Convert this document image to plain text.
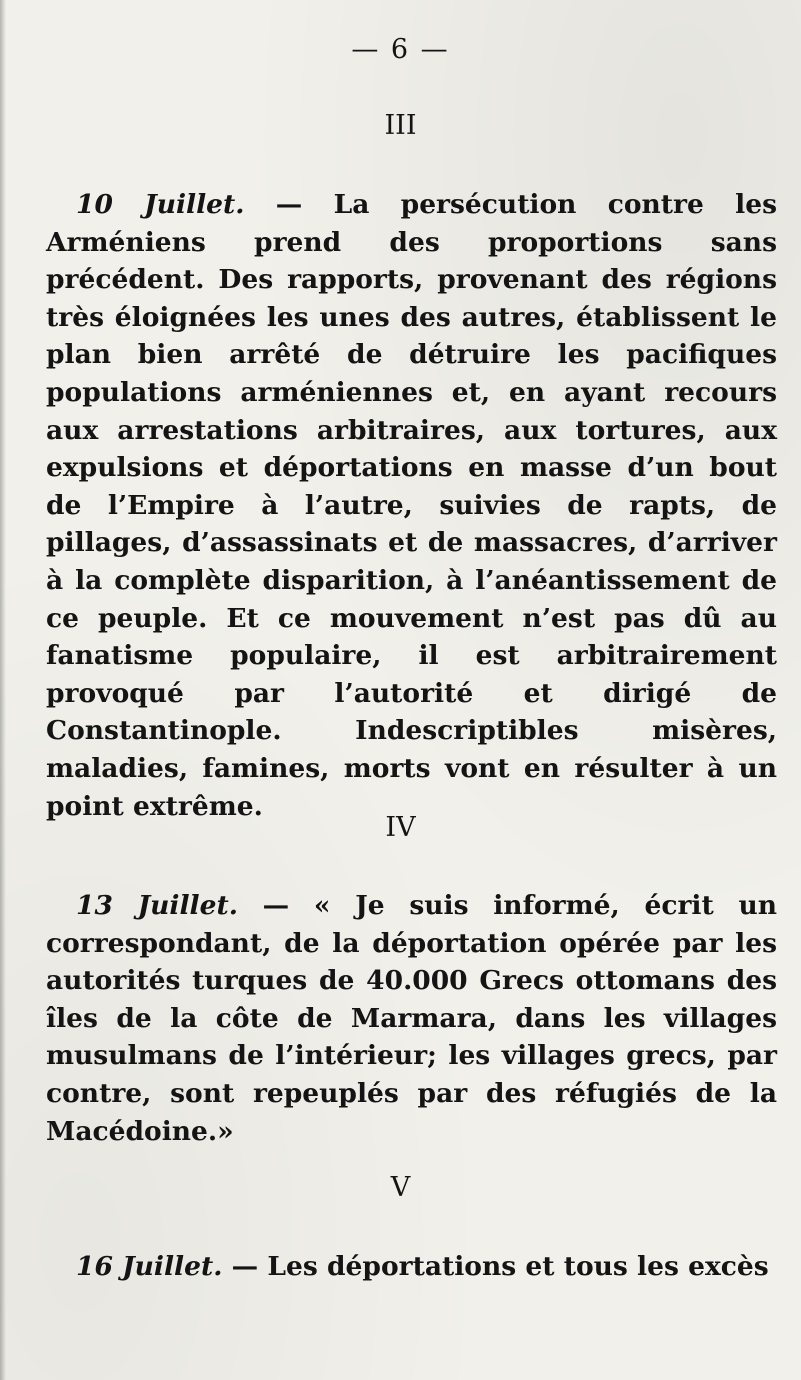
— 6 —
III

10 Juillet. — La persécution contre les Arméniens prend des proportions sans précédent. Des rapports, provenant des régions très éloignées les unes des autres, établissent le plan bien arrêté de détruire les pacifiques populations arméniennes et, en ayant recours aux arrestations arbitraires, aux tortures, aux expulsions et déportations en masse d’un bout de l’Empire à l’autre, suivies de rapts, de pillages, d’assassinats et de massacres, d’arriver à la complète disparition, à l’anéantissement de ce peuple. Et ce mouvement n’est pas dû au fanatisme populaire, il est arbitrairement provoqué par l’autorité et dirigé de Constantinople. Indescriptibles misères, maladies, famines, morts vont en résulter à un point extrême.

IV

13 Juillet. — « Je suis informé, écrit un correspondant, de la déportation opérée par les autorités turques de 40.000 Grecs ottomans des îles de la côte de Marmara, dans les villages musulmans de l’intérieur; les villages grecs, par contre, sont repeuplés par des réfugiés de la Macédoine.»

V

16 Juillet. — Les déportations et tous les excès
